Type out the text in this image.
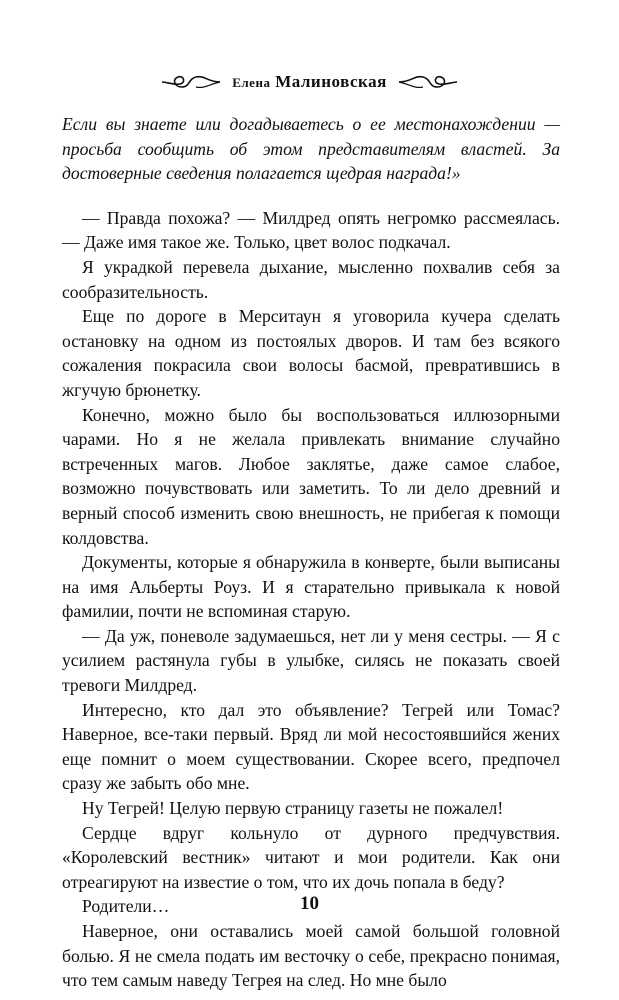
Елена Малиновская

Если вы знаете или догадываетесь о ее местонахождении — просьба сообщить об этом представителям властей. За достоверные сведения полагается щедрая награда!»

— Правда похожа? — Милдред опять негромко рассмеялась. — Даже имя такое же. Только, цвет волос подкачал.

Я украдкой перевела дыхание, мысленно похвалив себя за сообразительность.

Еще по дороге в Мерситаун я уговорила кучера сделать остановку на одном из постоялых дворов. И там без всякого сожаления покрасила свои волосы басмой, превратившись в жгучую брюнетку.

Конечно, можно было бы воспользоваться иллюзорными чарами. Но я не желала привлекать внимание случайно встреченных магов. Любое заклятье, даже самое слабое, возможно почувствовать или заметить. То ли дело древний и верный способ изменить свою внешность, не прибегая к помощи колдовства.

Документы, которые я обнаружила в конверте, были выписаны на имя Альберты Роуз. И я старательно привыкала к новой фамилии, почти не вспоминая старую.

— Да уж, поневоле задумаешься, нет ли у меня сестры. — Я с усилием растянула губы в улыбке, силясь не показать своей тревоги Милдред.

Интересно, кто дал это объявление? Тегрей или Томас? Наверное, все-таки первый. Вряд ли мой несостоявшийся жених еще помнит о моем существовании. Скорее всего, предпочел сразу же забыть обо мне.

Ну Тегрей! Целую первую страницу газеты не пожалел!

Сердце вдруг кольнуло от дурного предчувствия. «Королевский вестник» читают и мои родители. Как они отреагируют на известие о том, что их дочь попала в беду?

Родители…

Наверное, они оставались моей самой большой головной болью. Я не смела подать им весточку о себе, прекрасно понимая, что тем самым наведу Тегрея на след. Но мне было

10
